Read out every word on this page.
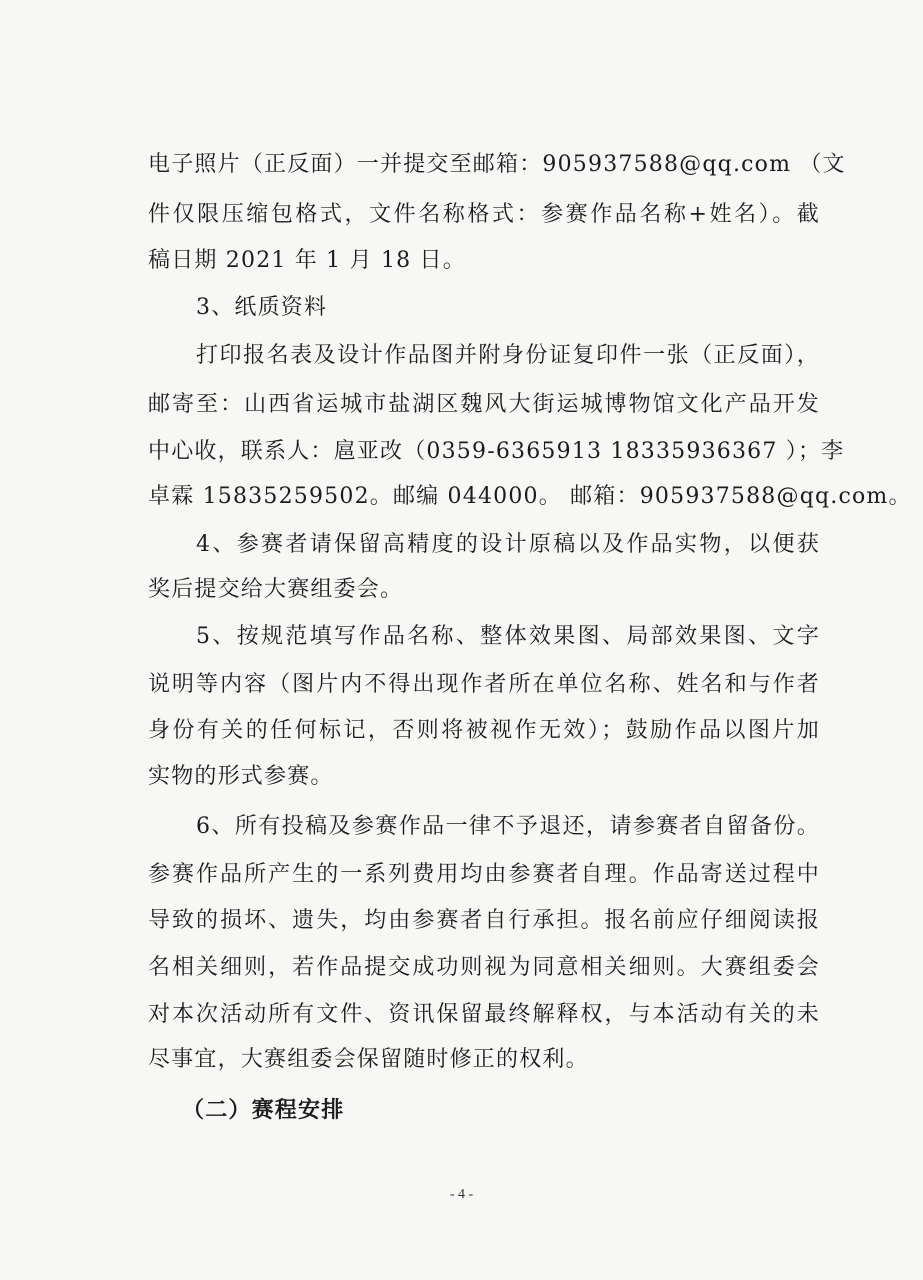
电子照片（正反面）一并提交至邮箱：905937588@qq.com （文
件仅限压缩包格式，文件名称格式：参赛作品名称+姓名）。截
稿日期 2021 年 1 月 18 日。
3、纸质资料
打印报名表及设计作品图并附身份证复印件一张（正反面），
邮寄至：山西省运城市盐湖区魏风大街运城博物馆文化产品开发
中心收，联系人：扈亚改（0359-6365913 18335936367 ）；李
卓霖 15835259502。邮编 044000。 邮箱：905937588@qq.com。
4、参赛者请保留高精度的设计原稿以及作品实物，以便获
奖后提交给大赛组委会。
5、按规范填写作品名称、整体效果图、局部效果图、文字
说明等内容（图片内不得出现作者所在单位名称、姓名和与作者
身份有关的任何标记，否则将被视作无效）；鼓励作品以图片加
实物的形式参赛。
6、所有投稿及参赛作品一律不予退还，请参赛者自留备份。
参赛作品所产生的一系列费用均由参赛者自理。作品寄送过程中
导致的损坏、遗失，均由参赛者自行承担。报名前应仔细阅读报
名相关细则，若作品提交成功则视为同意相关细则。大赛组委会
对本次活动所有文件、资讯保留最终解释权，与本活动有关的未
尽事宜，大赛组委会保留随时修正的权利。
（二）赛程安排
- 4 -
